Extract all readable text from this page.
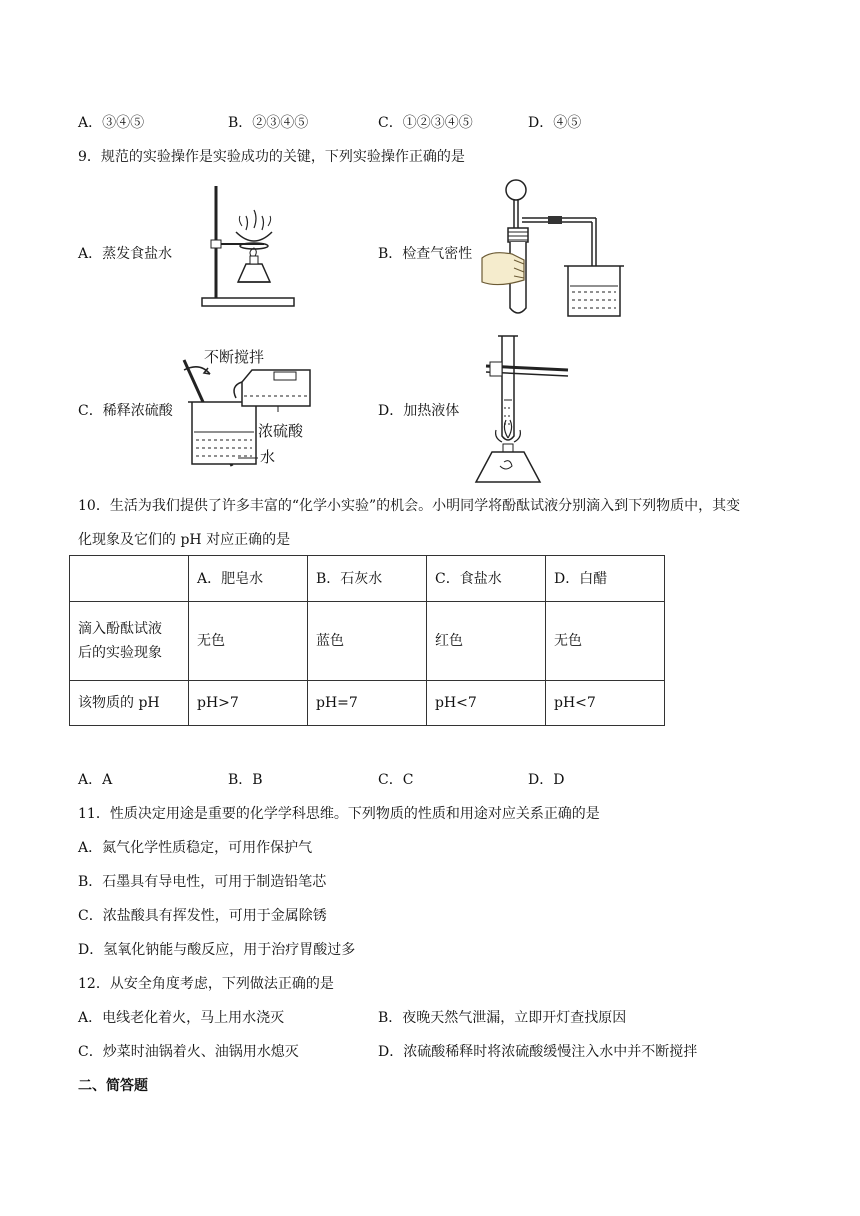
A．③④⑤	B．②③④⑤	C．①②③④⑤	D．④⑤
9．规范的实验操作是实验成功的关键，下列实验操作正确的是
A．蒸发食盐水	B．检查气密性
C．稀释浓硫酸	D．加热液体
不断搅拌
浓硫酸
水
10．生活为我们提供了许多丰富的“化学小实验”的机会。小明同学将酚酞试液分别滴入到下列物质中，其变
化现象及它们的 pH 对应正确的是
	A．肥皂水	B．石灰水	C．食盐水	D．白醋

滴入酚酞试液
后的实验现象	无色	蓝色	红色	无色
该物质的 pH	pH>7	pH=7	pH<7	pH<7
A．A	B．B	C．C	D．D
11．性质决定用途是重要的化学学科思维。下列物质的性质和用途对应关系正确的是
A．氮气化学性质稳定，可用作保护气
B．石墨具有导电性，可用于制造铅笔芯
C．浓盐酸具有挥发性，可用于金属除锈
D．氢氧化钠能与酸反应，用于治疗胃酸过多
12．从安全角度考虑，下列做法正确的是
A．电线老化着火，马上用水浇灭	B．夜晚天然气泄漏，立即开灯查找原因
C．炒菜时油锅着火、油锅用水熄灭	D．浓硫酸稀释时将浓硫酸缓慢注入水中并不断搅拌
二、简答题
